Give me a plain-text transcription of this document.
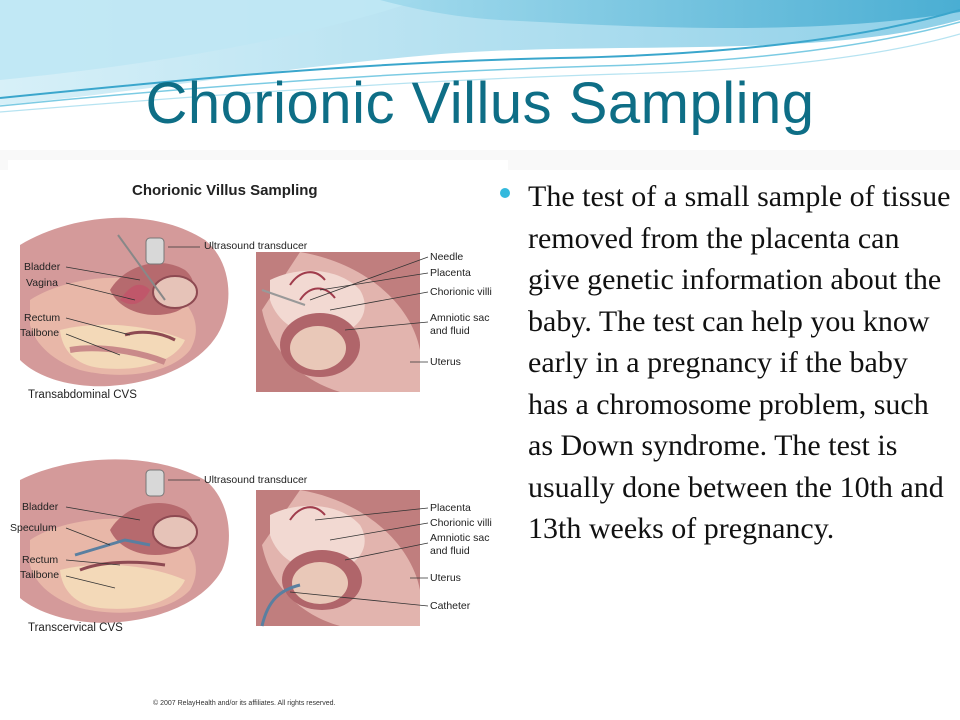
Chorionic Villus Sampling
Chorionic Villus Sampling
Ultrasound transducer
Bladder
Vagina
Rectum
Tailbone
Needle
Placenta
Chorionic villi
Amniotic sac
and fluid
Uterus
Transabdominal CVS
Ultrasound transducer
Bladder
Speculum
Rectum
Tailbone
Placenta
Chorionic villi
Amniotic sac
and fluid
Uterus
Catheter
Transcervical CVS
© 2007 RelayHealth and/or its affiliates. All rights reserved.

The test of a small sample of tissue removed from the placenta can give genetic information about the baby. The test can help you know early in a pregnancy if the baby has a chromosome problem, such as Down syndrome. The test is usually done between the 10th and 13th weeks of pregnancy.
